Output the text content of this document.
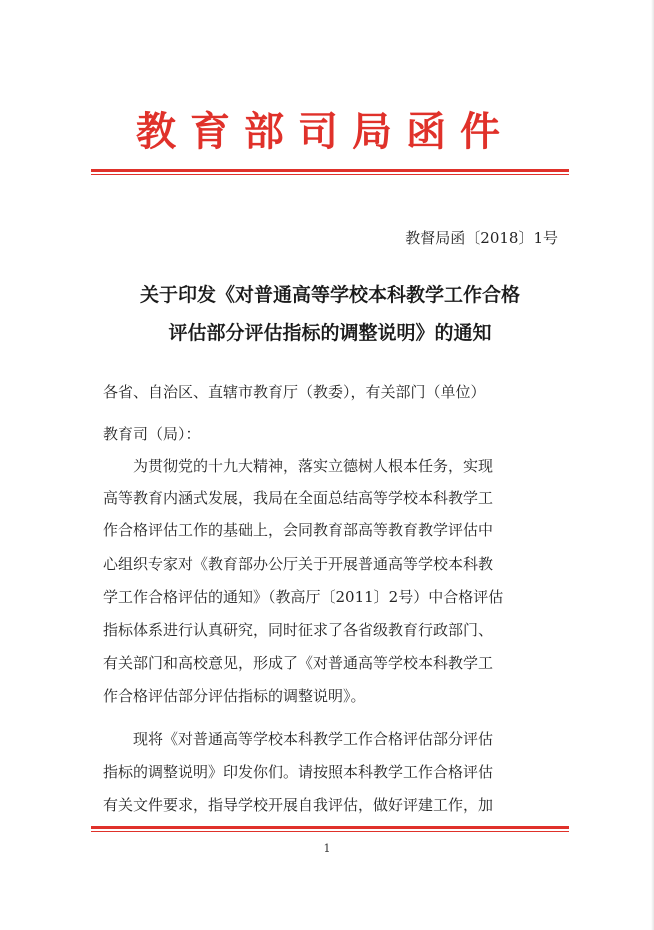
教育部司局函件
教督局函〔2018〕1号
关于印发《对普通高等学校本科教学工作合格
评估部分评估指标的调整说明》的通知
各省、自治区、直辖市教育厅（教委），有关部门（单位）
教育司（局）：
为贯彻党的十九大精神，落实立德树人根本任务，实现
高等教育内涵式发展，我局在全面总结高等学校本科教学工
作合格评估工作的基础上，会同教育部高等教育教学评估中
心组织专家对《教育部办公厅关于开展普通高等学校本科教
学工作合格评估的通知》（教高厅〔2011〕2号）中合格评估
指标体系进行认真研究，同时征求了各省级教育行政部门、
有关部门和高校意见，形成了《对普通高等学校本科教学工
作合格评估部分评估指标的调整说明》。
现将《对普通高等学校本科教学工作合格评估部分评估
指标的调整说明》印发你们。请按照本科教学工作合格评估
有关文件要求，指导学校开展自我评估，做好评建工作，加
1
